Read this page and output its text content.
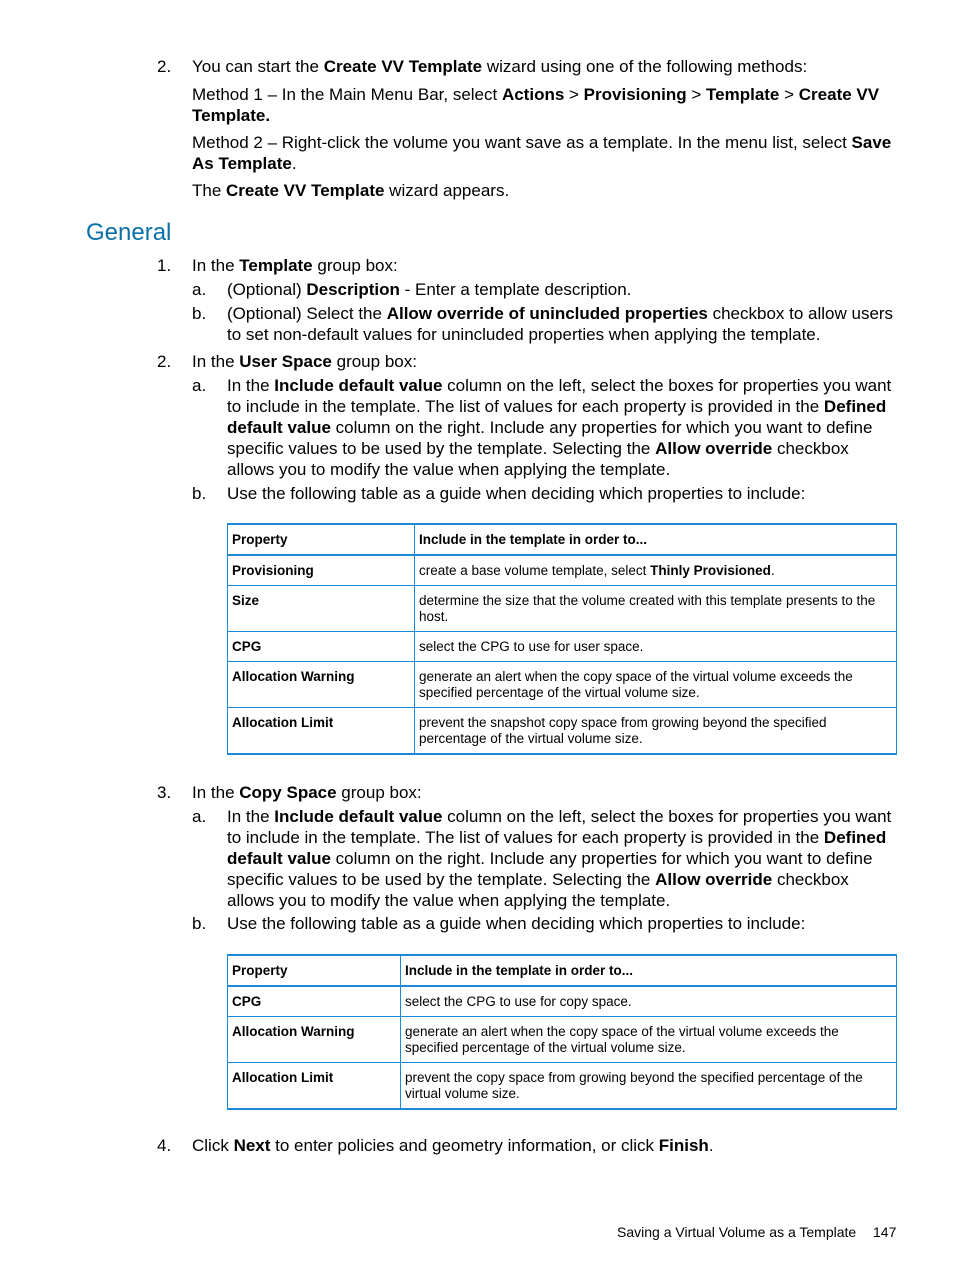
2. You can start the Create VV Template wizard using one of the following methods:
Method 1 – In the Main Menu Bar, select Actions > Provisioning > Template > Create VV Template.
Method 2 – Right-click the volume you want save as a template. In the menu list, select Save As Template.
The Create VV Template wizard appears.
General
1. In the Template group box:
a. (Optional) Description - Enter a template description.
b. (Optional) Select the Allow override of unincluded properties checkbox to allow users to set non-default values for unincluded properties when applying the template.
2. In the User Space group box:
a. In the Include default value column on the left, select the boxes for properties you want to include in the template. The list of values for each property is provided in the Defined default value column on the right. Include any properties for which you want to define specific values to be used by the template. Selecting the Allow override checkbox allows you to modify the value when applying the template.
b. Use the following table as a guide when deciding which properties to include:
Property	Include in the template in order to...
Provisioning	create a base volume template, select Thinly Provisioned.
Size	determine the size that the volume created with this template presents to the host.
CPG	select the CPG to use for user space.
Allocation Warning	generate an alert when the copy space of the virtual volume exceeds the specified percentage of the virtual volume size.
Allocation Limit	prevent the snapshot copy space from growing beyond the specified percentage of the virtual volume size.
3. In the Copy Space group box:
a. In the Include default value column on the left, select the boxes for properties you want to include in the template. The list of values for each property is provided in the Defined default value column on the right. Include any properties for which you want to define specific values to be used by the template. Selecting the Allow override checkbox allows you to modify the value when applying the template.
b. Use the following table as a guide when deciding which properties to include:
Property	Include in the template in order to...
CPG	select the CPG to use for copy space.
Allocation Warning	generate an alert when the copy space of the virtual volume exceeds the specified percentage of the virtual volume size.
Allocation Limit	prevent the copy space from growing beyond the specified percentage of the virtual volume size.
4. Click Next to enter policies and geometry information, or click Finish.
Saving a Virtual Volume as a Template 147
